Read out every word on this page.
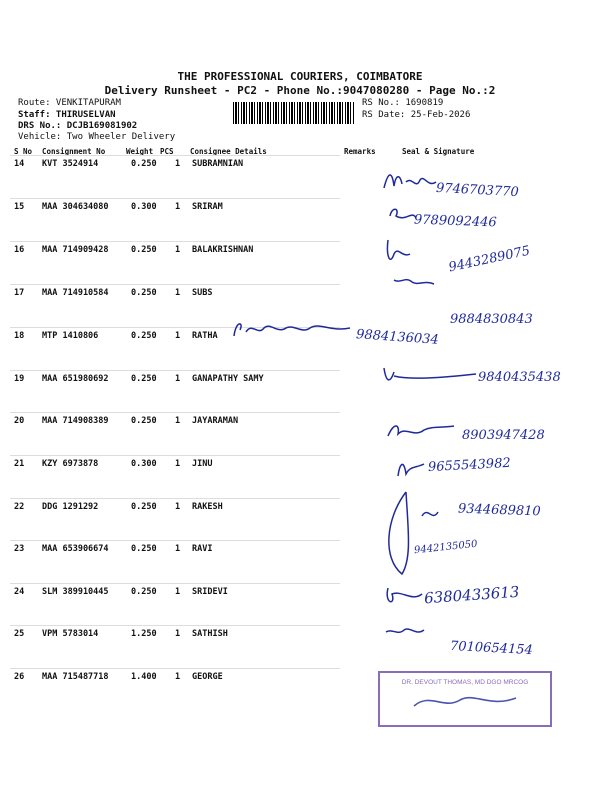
THE PROFESSIONAL COURIERS, COIMBATORE
Delivery Runsheet - PC2 - Phone No.:9047080280 - Page No.:2
Route: VENKITAPURAM
Staff: THIRUSELVAN
DRS No.: DCJB169081902
Vehicle: Two Wheeler Delivery
RS No.: 1690819
RS Date: 25-Feb-2026
S No Consignment No	Weight PCS Consignee Details	Remarks	Seal & Signature
14 KVT 3524914	0.250 1 SUBRAMNIAN
15 MAA 304634080	0.300 1 SRIRAM
16 MAA 714909428	0.250 1 BALAKRISHNAN
17 MAA 714910584	0.250 1 SUBS
18 MTP 1410806	0.250 1 RATHA
19 MAA 651980692	0.250 1 GANAPATHY SAMY
20 MAA 714908389	0.250 1 JAYARAMAN
21 KZY 6973878	0.300 1 JINU
22 DDG 1291292	0.250 1 RAKESH
23 MAA 653906674	0.250 1 RAVI
24 SLM 389910445	0.250 1 SRIDEVI
25 VPM 5783014	1.250 1 SATHISH
26 MAA 715487718	1.400 1 GEORGE
9746703770
9789092446
9443289075
9884830843
9884136034
9840435438
8903947428
9655543982
9344689810
9442135050
6380433613
7010654154
DR. DEVOUT THOMAS, MD DGO MRCOG
